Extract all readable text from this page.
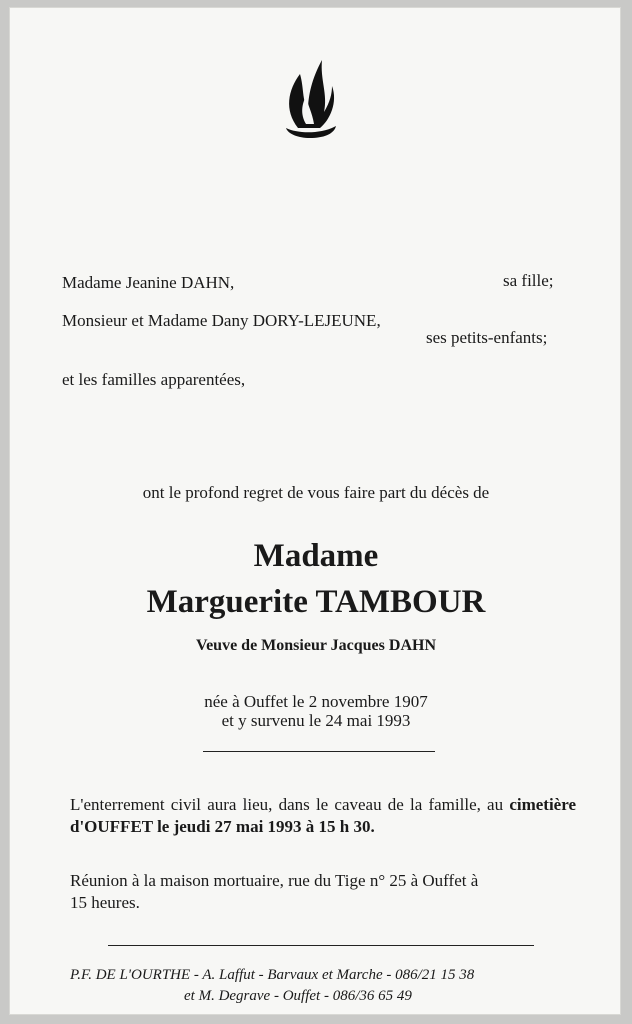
Madame Jeanine DAHN,	sa fille;
Monsieur et Madame Dany DORY-LEJEUNE,
ses petits-enfants;
et les familles apparentées,
ont le profond regret de vous faire part du décès de
Madame
Marguerite TAMBOUR
Veuve de Monsieur Jacques DAHN
née à Ouffet le 2 novembre 1907
et y survenu le 24 mai 1993
L'enterrement civil aura lieu, dans le caveau de la famille, au cimetière d'OUFFET le jeudi 27 mai 1993 à 15 h 30.
Réunion à la maison mortuaire, rue du Tige n° 25 à Ouffet à
15 heures.
P.F. DE L'OURTHE - A. Laffut - Barvaux et Marche - 086/21 15 38
et M. Degrave - Ouffet - 086/36 65 49
